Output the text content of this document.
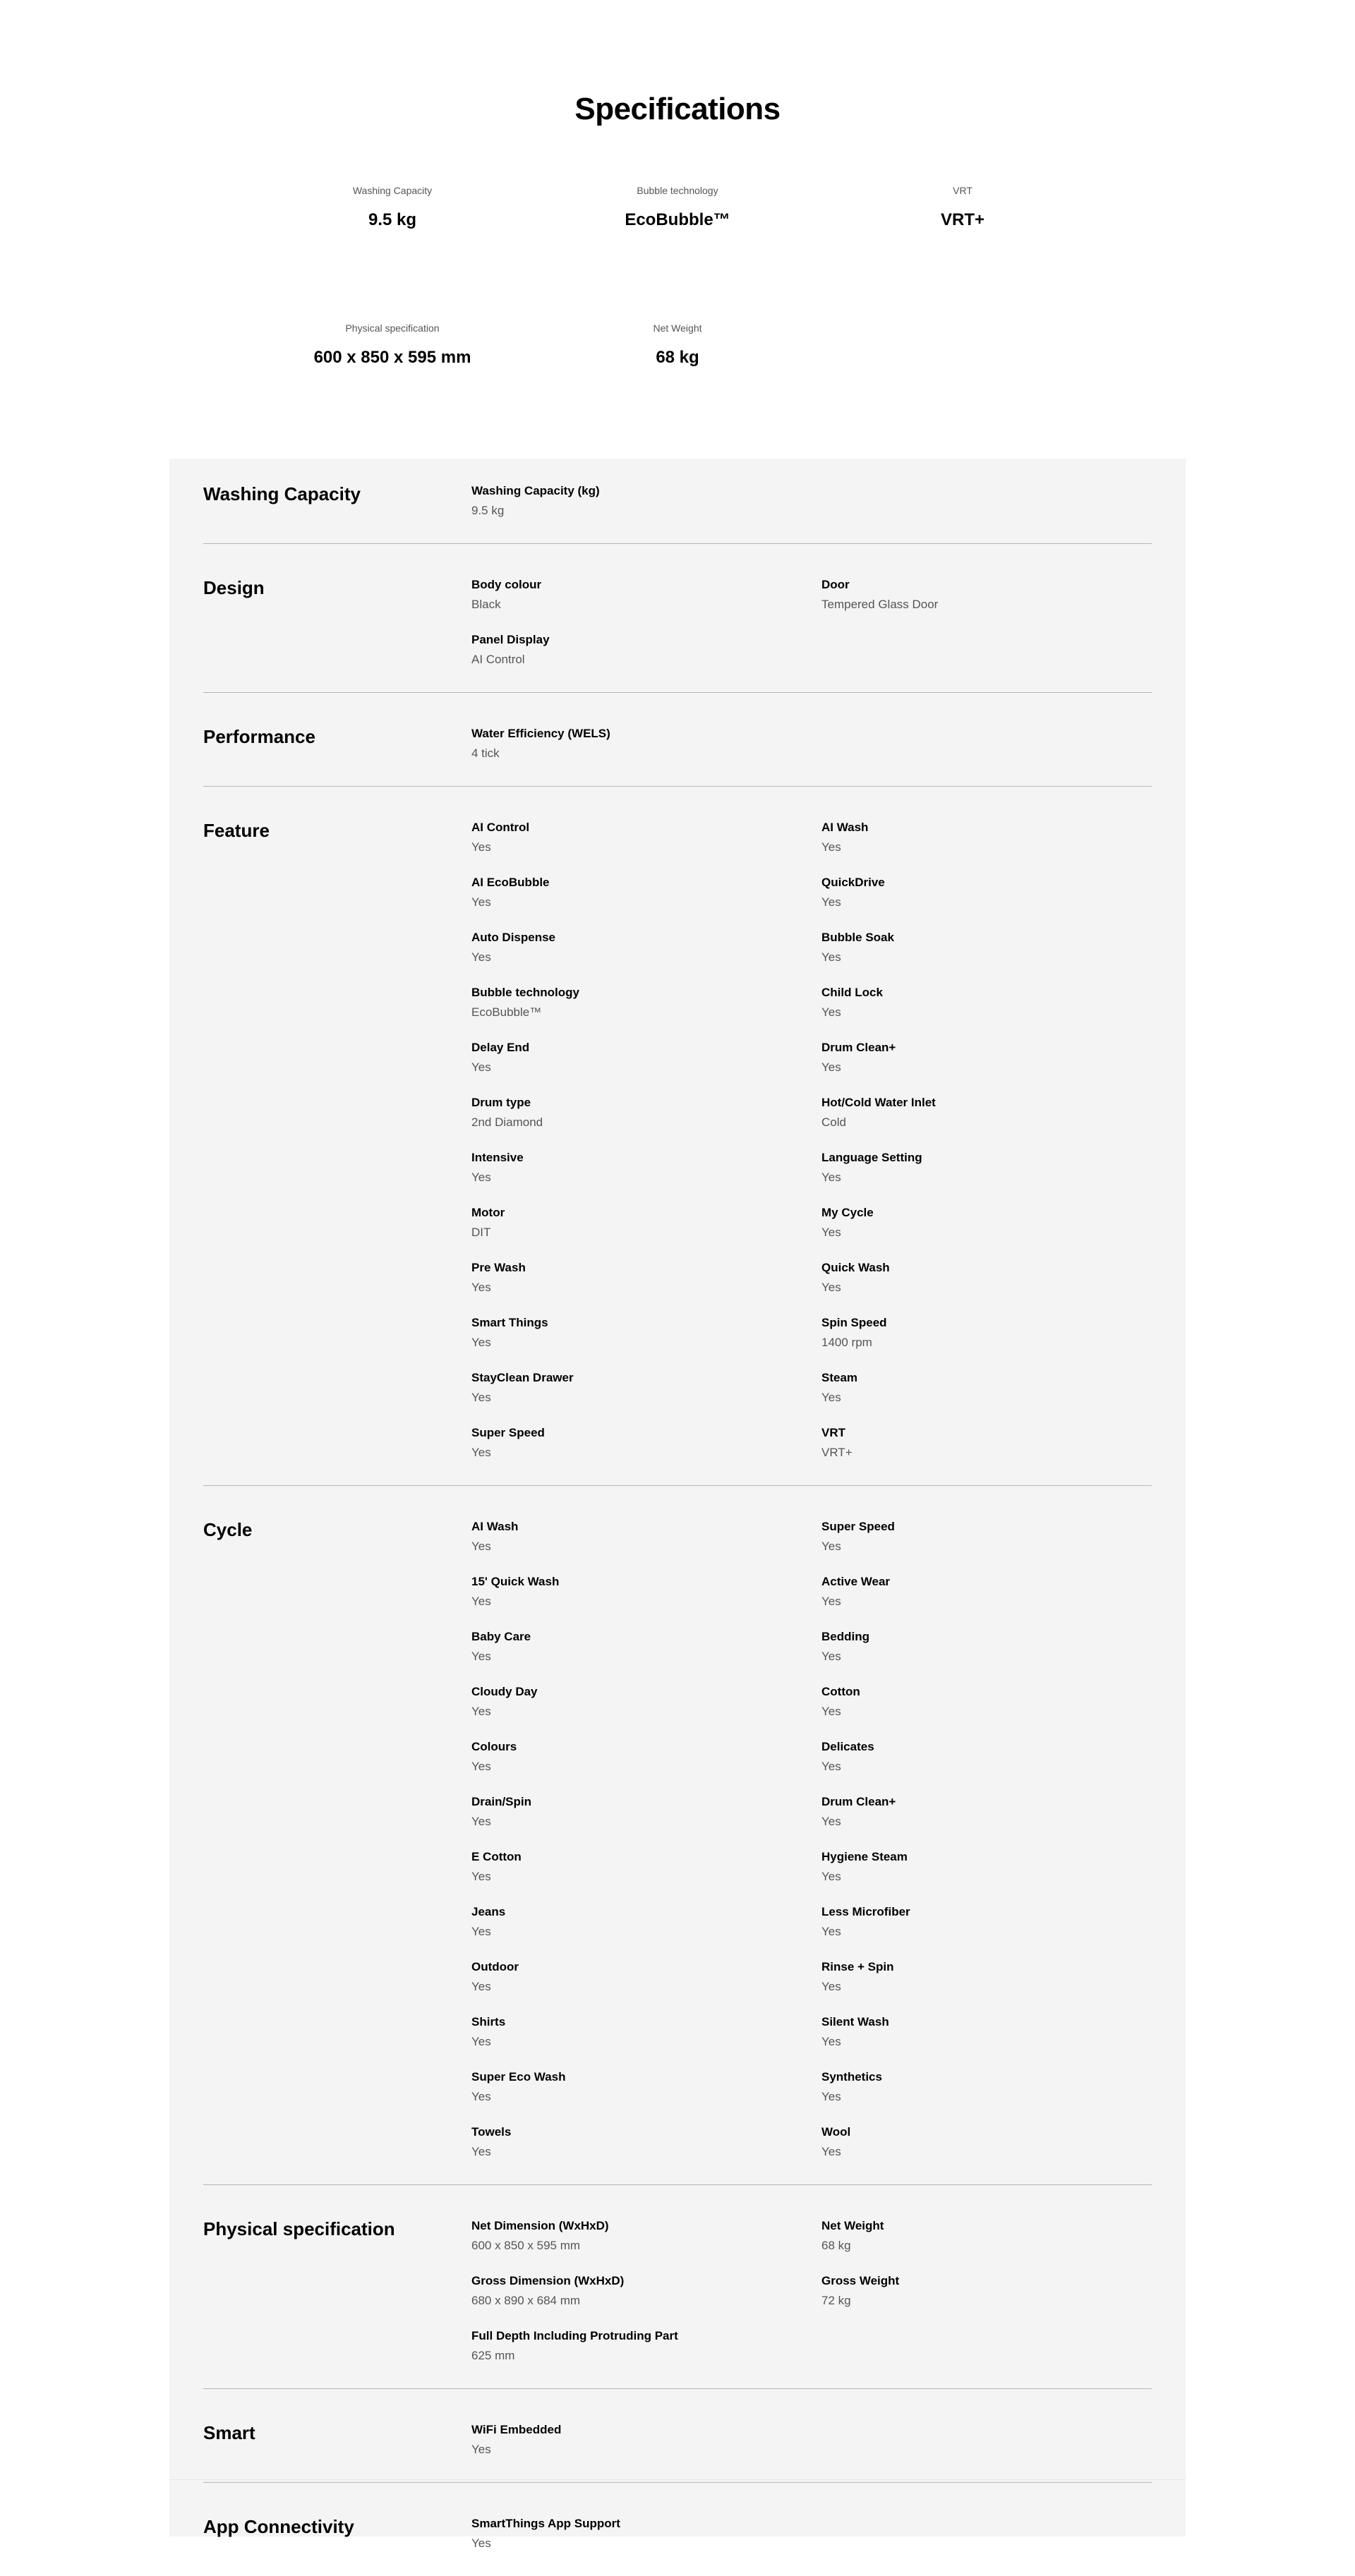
Specifications
Washing Capacity
9.5 kg
Bubble technology
EcoBubble™
VRT
VRT+
Physical specification
600 x 850 x 595 mm
Net Weight
68 kg
Washing Capacity	Washing Capacity (kg)
9.5 kg
Design	Body colour
Black
Door
Tempered Glass Door
Panel Display
AI Control
Performance	Water Efficiency (WELS)
4 tick
Feature	AI Control
Yes
AI Wash
Yes
AI EcoBubble
Yes
QuickDrive
Yes
Auto Dispense
Yes
Bubble Soak
Yes
Bubble technology
EcoBubble™
Child Lock
Yes
Delay End
Yes
Drum Clean+
Yes
Drum type
2nd Diamond
Hot/Cold Water Inlet
Cold
Intensive
Yes
Language Setting
Yes
Motor
DIT
My Cycle
Yes
Pre Wash
Yes
Quick Wash
Yes
Smart Things
Yes
Spin Speed
1400 rpm
StayClean Drawer
Yes
Steam
Yes
Super Speed
Yes
VRT
VRT+
Cycle	AI Wash
Yes
Super Speed
Yes
15' Quick Wash
Yes
Active Wear
Yes
Baby Care
Yes
Bedding
Yes
Cloudy Day
Yes
Cotton
Yes
Colours
Yes
Delicates
Yes
Drain/Spin
Yes
Drum Clean+
Yes
E Cotton
Yes
Hygiene Steam
Yes
Jeans
Yes
Less Microfiber
Yes
Outdoor
Yes
Rinse + Spin
Yes
Shirts
Yes
Silent Wash
Yes
Super Eco Wash
Yes
Synthetics
Yes
Towels
Yes
Wool
Yes
Physical specification	Net Dimension (WxHxD)
600 x 850 x 595 mm
Net Weight
68 kg
Gross Dimension (WxHxD)
680 x 890 x 684 mm
Gross Weight
72 kg
Full Depth Including Protruding Part
625 mm
Smart	WiFi Embedded
Yes
App Connectivity	SmartThings App Support
Yes
